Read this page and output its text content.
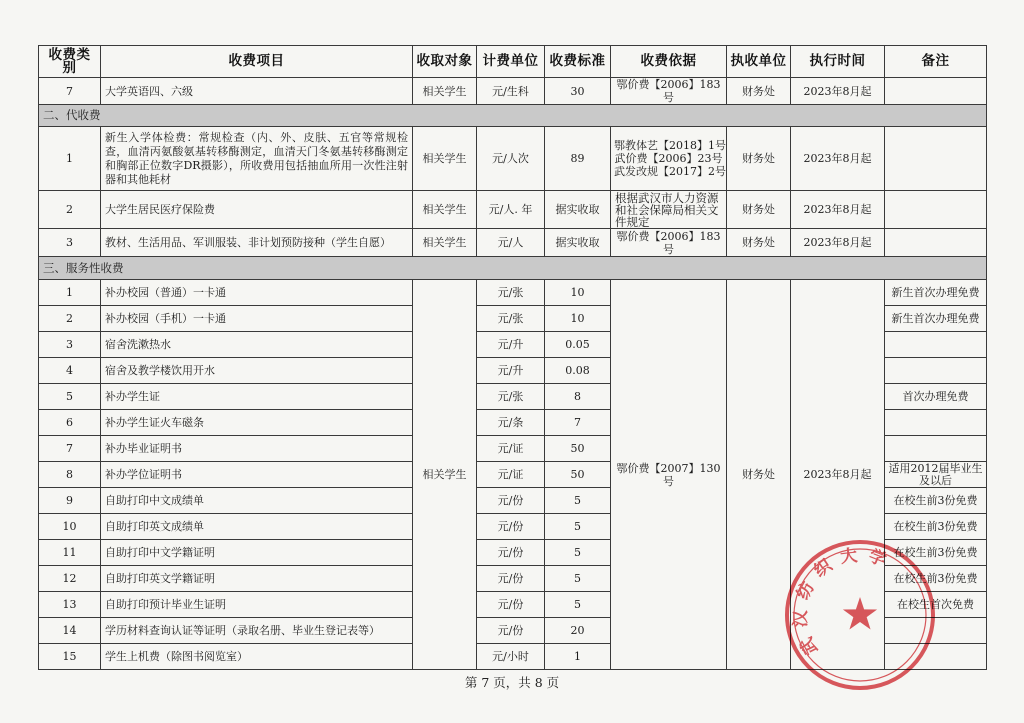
收费类别	收费项目	收取对象	计费单位	收费标准	收费依据	执收单位	执行时间	备注
7	大学英语四、六级	相关学生	元/生科	30	鄂价费【2006】183号	财务处	2023年8月起	
二、代收费								
1	新生入学体检费：常规检查（内、外、皮肤、五官等常规检查，血清丙氨酸氨基转移酶测定，血清天门冬氨基转移酶测定和胸部正位数字DR摄影），所收费用包括抽血所用一次性注射器和其他耗材	相关学生	元/人次	89	鄂教体艺【2018】1号
武价费【2006】23号
武发改规【2017】2号	财务处	2023年8月起	
2	大学生居民医疗保险费	相关学生	元/人. 年	据实收取	根据武汉市人力资源和社会保障局相关文件规定	财务处	2023年8月起	
3	教材、生活用品、军训服装、非计划预防接种（学生自愿）	相关学生	元/人	据实收取	鄂价费【2006】183号	财务处	2023年8月起	
三、服务性收费								
1	补办校园（普通）一卡通	相关学生	元/张	10	鄂价费【2007】130号	财务处	2023年8月起	新生首次办理免费
2	补办校园（手机）一卡通		元/张	10				新生首次办理免费
3	宿舍洗漱热水		元/升	0.05				
4	宿舍及教学楼饮用开水		元/升	0.08				
5	补办学生证		元/张	8				首次办理免费
6	补办学生证火车磁条		元/条	7				
7	补办毕业证明书		元/证	50				
8	补办学位证明书		元/证	50				适用2012届毕业生及以后
9	自助打印中文成绩单		元/份	5				在校生前3份免费
10	自助打印英文成绩单		元/份	5				在校生前3份免费
11	自助打印中文学籍证明		元/份	5				在校生前3份免费
12	自助打印英文学籍证明		元/份	5				在校生前3份免费
13	自助打印预计毕业生证明		元/份	5				在校生首次免费
14	学历材料查询认证等证明（录取名册、毕业生登记表等）		元/份	20				
15	学生上机费（除图书阅览室）		元/小时	1				
第 7 页，共 8 页
武汉纺织大学
